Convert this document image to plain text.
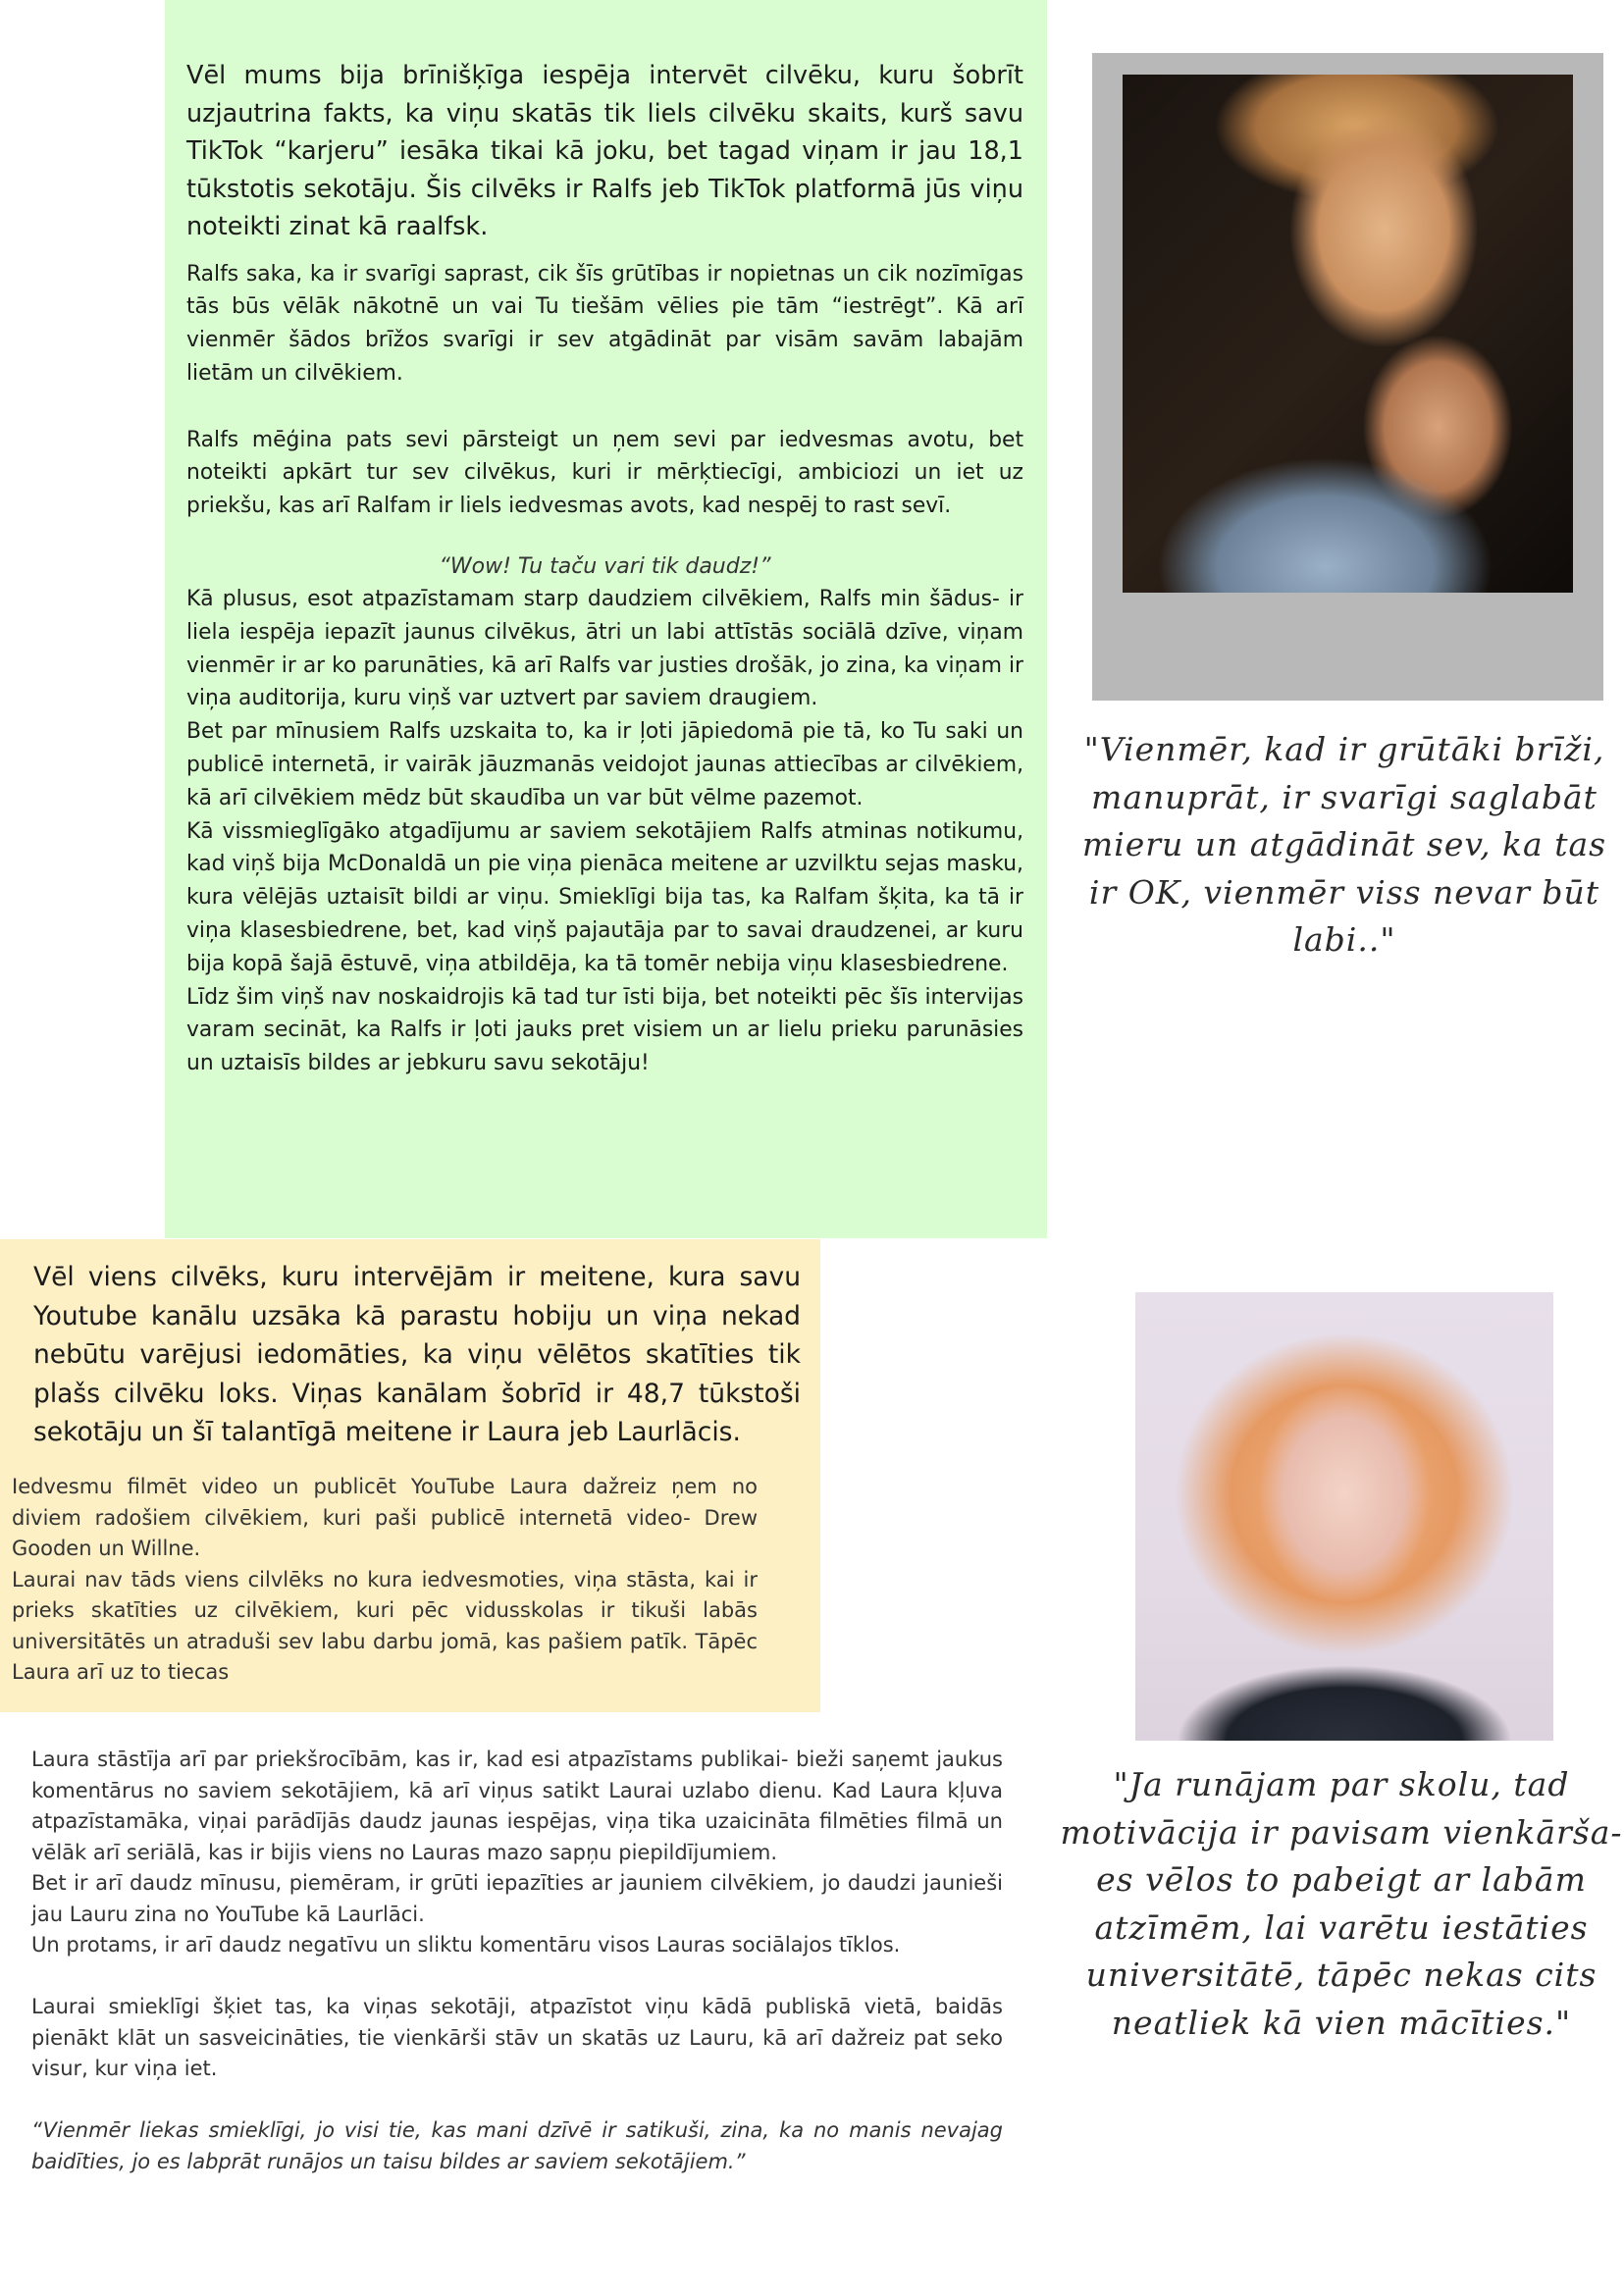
Vēl mums bija brīnišķīga iespēja intervēt cilvēku, kuru šobrīt uzjautrina fakts, ka viņu skatās tik liels cilvēku skaits, kurš savu TikTok “karjeru” iesāka tikai kā joku, bet tagad viņam ir jau 18,1 tūkstotis sekotāju. Šis cilvēks ir Ralfs jeb TikTok platformā jūs viņu noteikti zinat kā raalfsk.

Ralfs saka, ka ir svarīgi saprast, cik šīs grūtības ir nopietnas un cik nozīmīgas tās būs vēlāk nākotnē un vai Tu tiešām vēlies pie tām “iestrēgt”. Kā arī vienmēr šādos brīžos svarīgi ir sev atgādināt par visām savām labajām lietām un cilvēkiem.

Ralfs mēģina pats sevi pārsteigt un ņem sevi par iedvesmas avotu, bet noteikti apkārt tur sev cilvēkus, kuri ir mērķtiecīgi, ambiciozi un iet uz priekšu, kas arī Ralfam ir liels iedvesmas avots, kad nespēj to rast sevī.

“Wow! Tu taču vari tik daudz!”

Kā plusus, esot atpazīstamam starp daudziem cilvēkiem, Ralfs min šādus- ir liela iespēja iepazīt jaunus cilvēkus, ātri un labi attīstās sociālā dzīve, viņam vienmēr ir ar ko parunāties, kā arī Ralfs var justies drošāk, jo zina, ka viņam ir viņa auditorija, kuru viņš var uztvert par saviem draugiem.

Bet par mīnusiem Ralfs uzskaita to, ka ir ļoti jāpiedomā pie tā, ko Tu saki un publicē internetā, ir vairāk jāuzmanās veidojot jaunas attiecības ar cilvēkiem, kā arī cilvēkiem mēdz būt skaudība un var būt vēlme pazemot.

Kā vissmieglīgāko atgadījumu ar saviem sekotājiem Ralfs atminas notikumu, kad viņš bija McDonaldā un pie viņa pienāca meitene ar uzvilktu sejas masku, kura vēlējās uztaisīt bildi ar viņu. Smieklīgi bija tas, ka Ralfam šķita, ka tā ir viņa klasesbiedrene, bet, kad viņš pajautāja par to savai draudzenei, ar kuru bija kopā šajā ēstuvē, viņa atbildēja, ka tā tomēr nebija viņu klasesbiedrene.

Līdz šim viņš nav noskaidrojis kā tad tur īsti bija, bet noteikti pēc šīs intervijas varam secināt, ka Ralfs ir ļoti jauks pret visiem un ar lielu prieku parunāsies un uztaisīs bildes ar jebkuru savu sekotāju!

"Vienmēr, kad ir grūtāki brīži, manuprāt, ir svarīgi saglabāt mieru un atgādināt sev, ka tas ir OK, vienmēr viss nevar būt labi.."

Vēl viens cilvēks, kuru intervējām ir meitene, kura savu Youtube kanālu uzsāka kā parastu hobiju un viņa nekad nebūtu varējusi iedomāties, ka viņu vēlētos skatīties tik plašs cilvēku loks. Viņas kanālam šobrīd ir 48,7 tūkstoši sekotāju un šī talantīgā meitene ir Laura jeb Laurlācis.

Iedvesmu filmēt video un publicēt YouTube Laura dažreiz ņem no diviem radošiem cilvēkiem, kuri paši publicē internetā video- Drew Gooden un Willne.

Laurai nav tāds viens cilvlēks no kura iedvesmoties, viņa stāsta, kai ir prieks skatīties uz cilvēkiem, kuri pēc vidusskolas ir tikuši labās universitātēs un atraduši sev labu darbu jomā, kas pašiem patīk. Tāpēc Laura arī uz to tiecas

"Ja runājam par skolu, tad motivācija ir pavisam vienkārša- es vēlos to pabeigt ar labām atzīmēm, lai varētu iestāties universitātē, tāpēc nekas cits neatliek kā vien mācīties."

Laura stāstīja arī par priekšrocībām, kas ir, kad esi atpazīstams publikai- bieži saņemt jaukus komentārus no saviem sekotājiem, kā arī viņus satikt Laurai uzlabo dienu. Kad Laura kļuva atpazīstamāka, viņai parādījās daudz jaunas iespējas, viņa tika uzaicināta filmēties filmā un vēlāk arī seriālā, kas ir bijis viens no Lauras mazo sapņu piepildījumiem.

Bet ir arī daudz mīnusu, piemēram, ir grūti iepazīties ar jauniem cilvēkiem, jo daudzi jaunieši jau Lauru zina no YouTube kā Laurlāci.

Un protams, ir arī daudz negatīvu un sliktu komentāru visos Lauras sociālajos tīklos.

Laurai smieklīgi šķiet tas, ka viņas sekotāji, atpazīstot viņu kādā publiskā vietā, baidās pienākt klāt un sasveicināties, tie vienkārši stāv un skatās uz Lauru, kā arī dažreiz pat seko visur, kur viņa iet.

“Vienmēr liekas smieklīgi, jo visi tie, kas mani dzīvē ir satikuši, zina, ka no manis nevajag baidīties, jo es labprāt runājos un taisu bildes ar saviem sekotājiem.”
